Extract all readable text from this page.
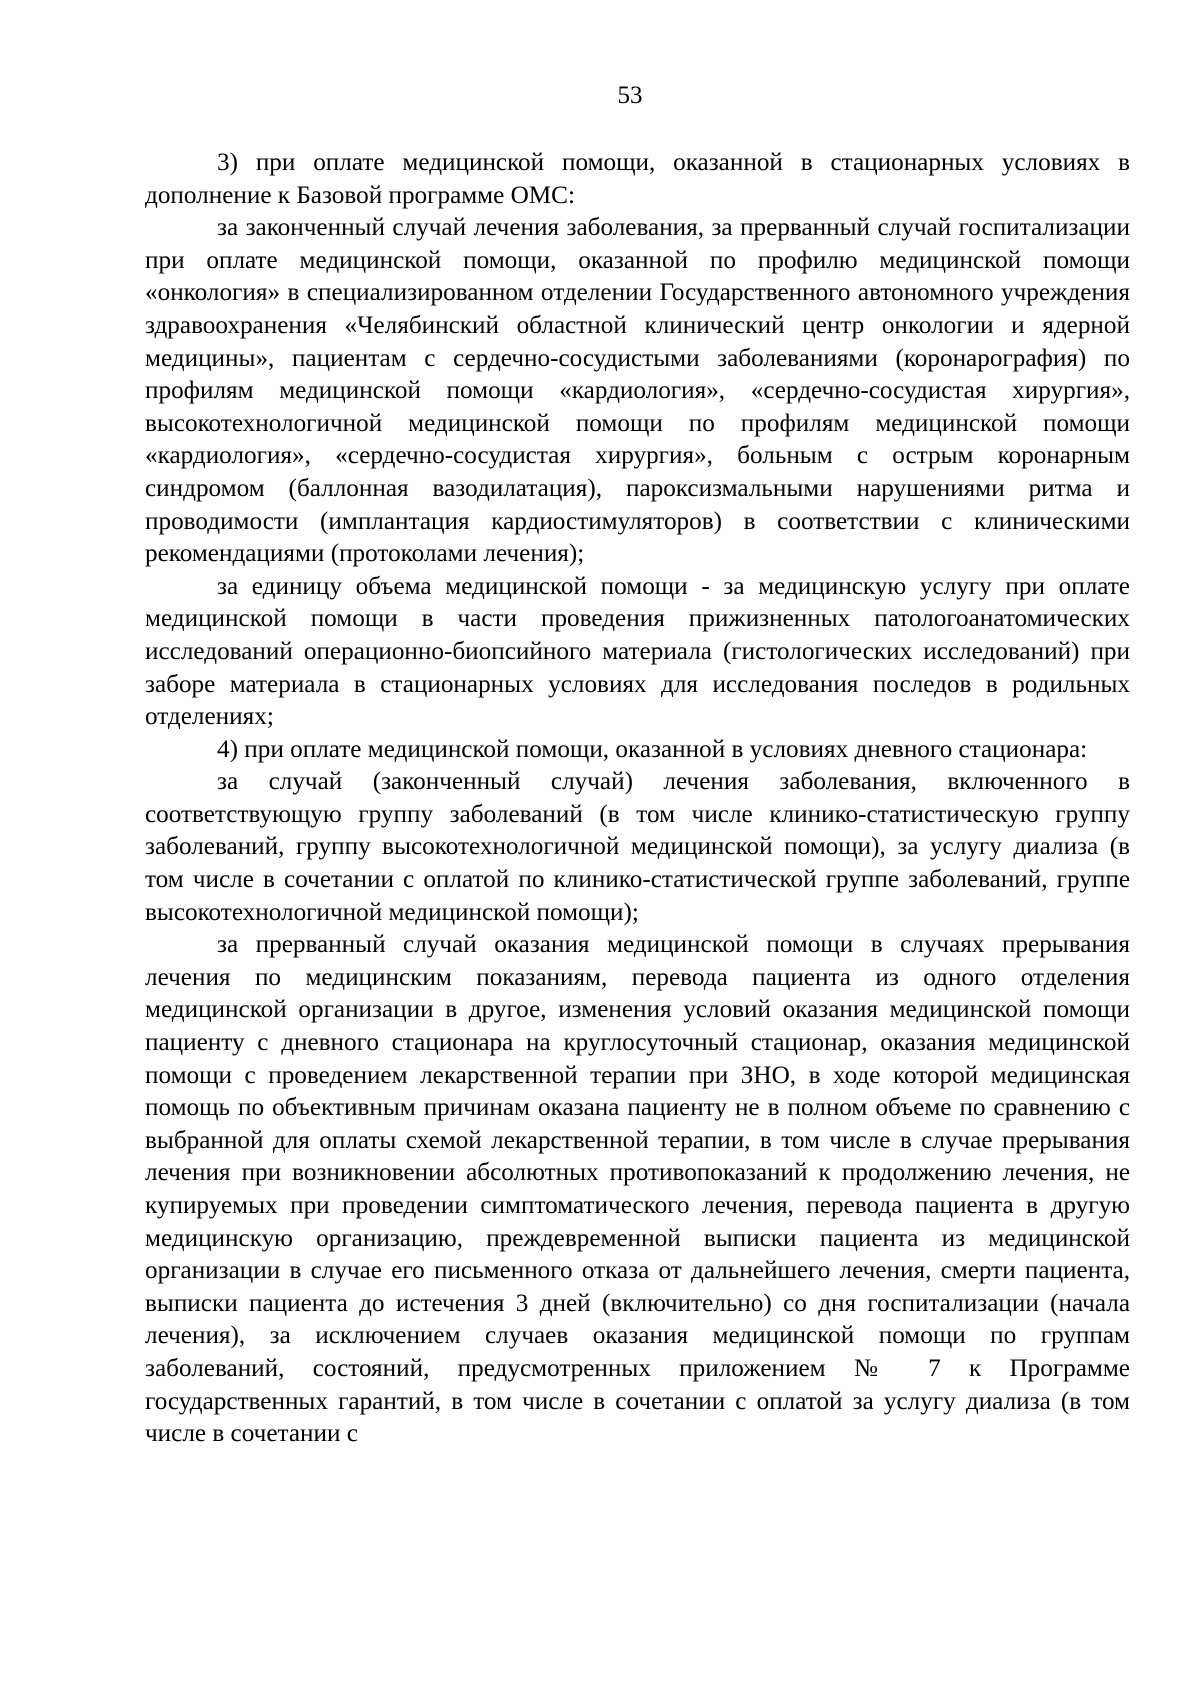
53

3) при оплате медицинской помощи, оказанной в стационарных условиях в дополнение к Базовой программе ОМС:

за законченный случай лечения заболевания, за прерванный случай госпитализации при оплате медицинской помощи, оказанной по профилю медицинской помощи «онкология» в специализированном отделении Государственного автономного учреждения здравоохранения «Челябинский областной клинический центр онкологии и ядерной медицины», пациентам с сердечно-сосудистыми заболеваниями (коронарография) по профилям медицинской помощи «кардиология», «сердечно-сосудистая хирургия», высокотехнологичной медицинской помощи по профилям медицинской помощи «кардиология», «сердечно-сосудистая хирургия», больным с острым коронарным синдромом (баллонная вазодилатация), пароксизмальными нарушениями ритма и проводимости (имплантация кардиостимуляторов) в соответствии с клиническими рекомендациями (протоколами лечения);

за единицу объема медицинской помощи - за медицинскую услугу при оплате медицинской помощи в части проведения прижизненных патологоанатомических исследований операционно-биопсийного материала (гистологических исследований) при заборе материала в стационарных условиях для исследования последов в родильных отделениях;

4) при оплате медицинской помощи, оказанной в условиях дневного стационара:

за случай (законченный случай) лечения заболевания, включенного в соответствующую группу заболеваний (в том числе клинико-статистическую группу заболеваний, группу высокотехнологичной медицинской помощи), за услугу диализа (в том числе в сочетании с оплатой по клинико-статистической группе заболеваний, группе высокотехнологичной медицинской помощи);

за прерванный случай оказания медицинской помощи в случаях прерывания лечения по медицинским показаниям, перевода пациента из одного отделения медицинской организации в другое, изменения условий оказания медицинской помощи пациенту с дневного стационара на круглосуточный стационар, оказания медицинской помощи с проведением лекарственной терапии при ЗНО, в ходе которой медицинская помощь по объективным причинам оказана пациенту не в полном объеме по сравнению с выбранной для оплаты схемой лекарственной терапии, в том числе в случае прерывания лечения при возникновении абсолютных противопоказаний к продолжению лечения, не купируемых при проведении симптоматического лечения, перевода пациента в другую медицинскую организацию, преждевременной выписки пациента из медицинской организации в случае его письменного отказа от дальнейшего лечения, смерти пациента, выписки пациента до истечения 3 дней (включительно) со дня госпитализации (начала лечения), за исключением случаев оказания медицинской помощи по группам заболеваний, состояний, предусмотренных приложением № 7 к Программе государственных гарантий, в том числе в сочетании с оплатой за услугу диализа (в том числе в сочетании с
